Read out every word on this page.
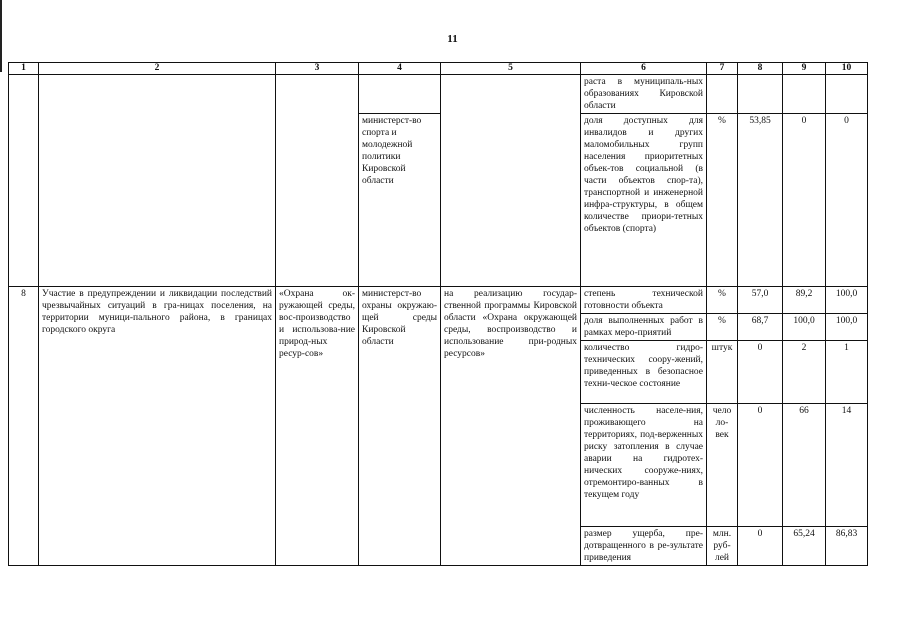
11
1	2	3	4	5	6	7	8	9	10
					раста в муниципаль-ных образованиях Кировской области				
			министерст-во спорта и молодежной политики Кировской области		доля доступных для инвалидов и других маломобильных групп населения приоритетных объек-тов социальной (в части объектов спор-та), транспортной и инженерной инфра-структуры, в общем количестве приори-тетных объектов (спорта)	%	53,85	0	0
8	Участие в предупреждении и ликвидации последствий чрезвычайных ситуаций в гра-ницах поселения, на территории муници-пального района, в границах городского округа	«Охрана ок-ружающей среды, вос-производство и использова-ние природ-ных ресур-сов»	министерст-во охраны окружаю-щей среды Кировской области	на реализацию государ-ственной программы Кировской области «Охрана окружающей среды, воспроизводство и использование при-родных ресурсов»	степень технической готовности объекта	%	57,0	89,2	100,0
					доля выполненных работ в рамках меро-приятий	%	68,7	100,0	100,0
					количество гидро-технических соору-жений, приведенных в безопасное техни-ческое состояние	штук	0	2	1
					численность населе-ния, проживающего на территориях, под-верженных риску затопления в случае аварии на гидротех-нических сооруже-ниях, отремонтиро-ванных в текущем году	чело ло-век	0	66	14
					размер ущерба, пре-дотвращенного в ре-зультате приведения	млн. руб-лей	0	65,24	86,83
